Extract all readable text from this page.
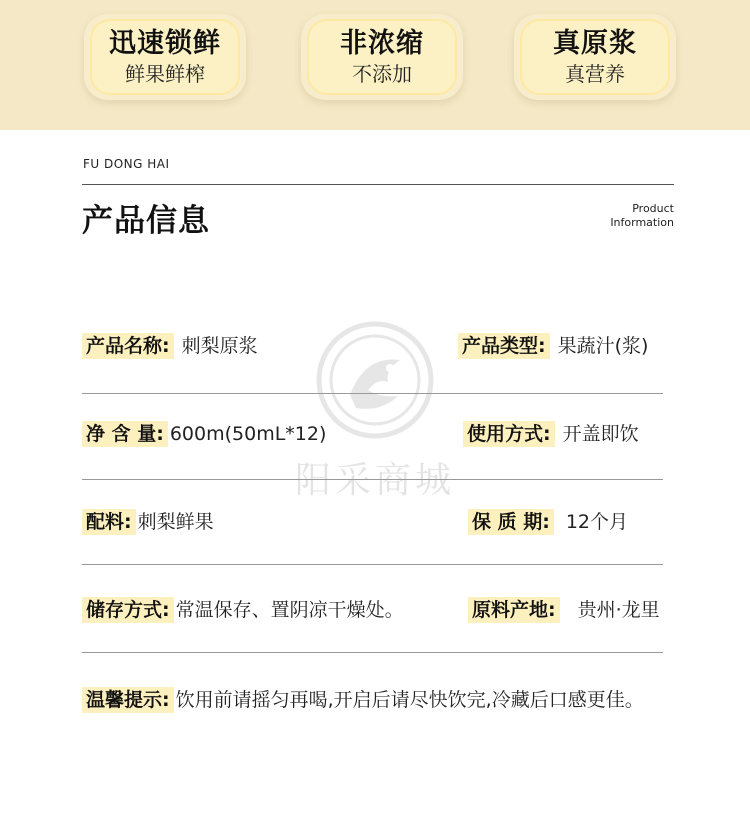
迅速锁鲜
鲜果鲜榨
非浓缩
不添加
真原浆
真营养
FU DONG HAI
产品信息	Product
Information
阳采商城
产品名称: 刺梨原浆	产品类型: 果蔬汁(浆)
净 含 量: 600m(50mL*12)	使用方式: 开盖即饮
配料: 刺梨鲜果	保 质 期: 12个月
储存方式: 常温保存、置阴凉干燥处。	原料产地: 贵州·龙里
温馨提示: 饮用前请摇匀再喝,开启后请尽快饮完,冷藏后口感更佳。
